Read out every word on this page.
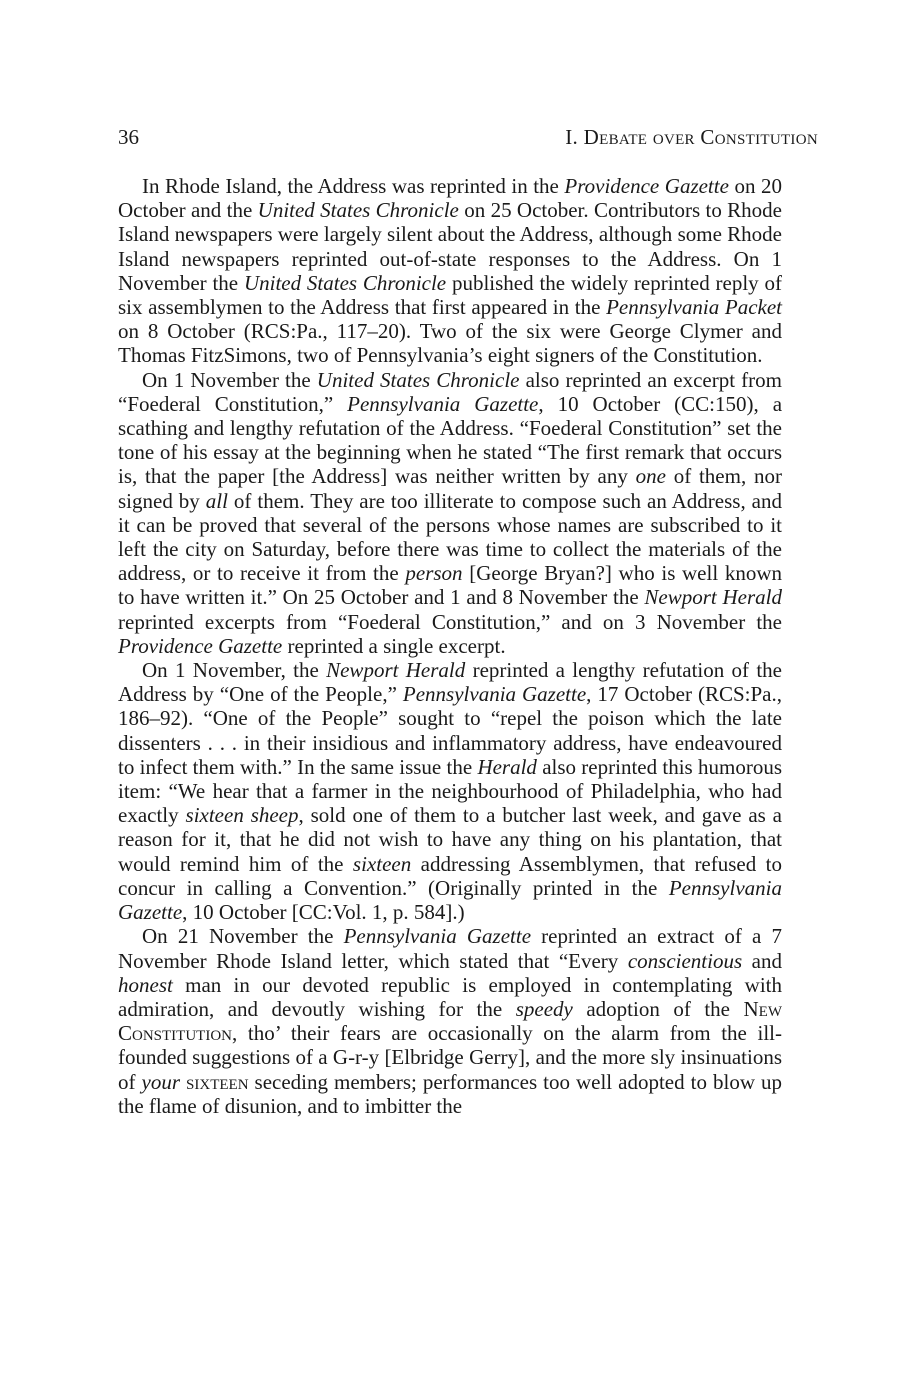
36	I. Debate over Constitution

In Rhode Island, the Address was reprinted in the Providence Gazette on 20 October and the United States Chronicle on 25 October. Contributors to Rhode Island newspapers were largely silent about the Address, although some Rhode Island newspapers reprinted out-of-state responses to the Address. On 1 November the United States Chronicle published the widely reprinted reply of six assemblymen to the Address that first appeared in the Pennsylvania Packet on 8 October (RCS:Pa., 117–20). Two of the six were George Clymer and Thomas FitzSimons, two of Pennsylvania’s eight signers of the Constitution.

On 1 November the United States Chronicle also reprinted an excerpt from “Foederal Constitution,” Pennsylvania Gazette, 10 October (CC:150), a scathing and lengthy refutation of the Address. “Foederal Constitution” set the tone of his essay at the beginning when he stated “The first remark that occurs is, that the paper [the Address] was neither written by any one of them, nor signed by all of them. They are too illiterate to compose such an Address, and it can be proved that several of the persons whose names are subscribed to it left the city on Saturday, before there was time to collect the materials of the address, or to receive it from the person [George Bryan?] who is well known to have written it.” On 25 October and 1 and 8 November the Newport Herald reprinted excerpts from “Foederal Constitution,” and on 3 November the Providence Gazette reprinted a single excerpt.

On 1 November, the Newport Herald reprinted a lengthy refutation of the Address by “One of the People,” Pennsylvania Gazette, 17 October (RCS:Pa., 186–92). “One of the People” sought to “repel the poison which the late dissenters . . . in their insidious and inflammatory address, have endeavoured to infect them with.” In the same issue the Herald also reprinted this humorous item: “We hear that a farmer in the neighbourhood of Philadelphia, who had exactly sixteen sheep, sold one of them to a butcher last week, and gave as a reason for it, that he did not wish to have any thing on his plantation, that would remind him of the sixteen addressing Assemblymen, that refused to concur in calling a Convention.” (Originally printed in the Pennsylvania Gazette, 10 October [CC:Vol. 1, p. 584].)

On 21 November the Pennsylvania Gazette reprinted an extract of a 7 November Rhode Island letter, which stated that “Every conscientious and honest man in our devoted republic is employed in contemplating with admiration, and devoutly wishing for the speedy adoption of the New Constitution, tho’ their fears are occasionally on the alarm from the ill-founded suggestions of a G-r-y [Elbridge Gerry], and the more sly insinuations of your sixteen seceding members; performances too well adopted to blow up the flame of disunion, and to imbitter the
